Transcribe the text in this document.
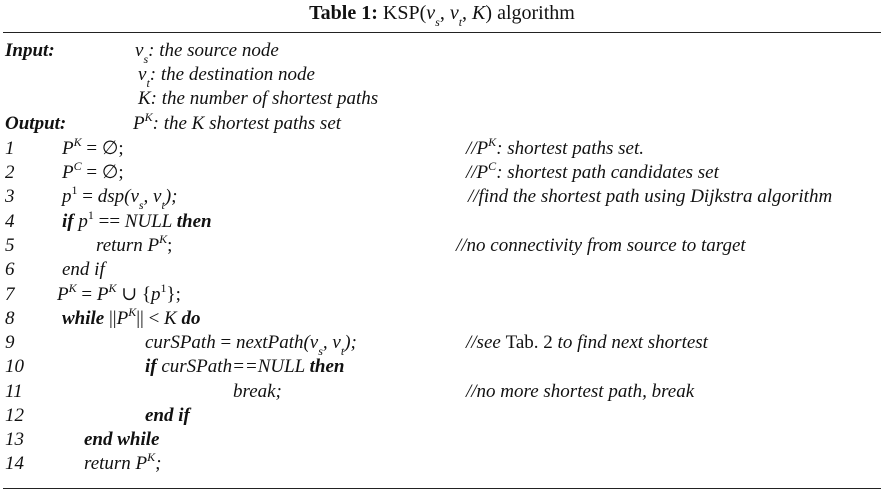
Table 1: $KSP(v_s$, $v_t$, K) algorithm
Input:	$v_s$: the source node
$v_t$: the destination node
K: the number of shortest paths
Output:	$P^K$: the K shortest paths set
1	$P^K$ = ∅;	$//P^K$: shortest paths set.
2	$P^C$ = ∅;	$//P^C$: shortest path candidates set
3	$p^1 = dsp(v_s$, $v_t$);	//find the shortest path using Dijkstra algorithm
4	if $p^1$ == NULL then
5	return $P^K$;	//no connectivity from source to target
6	end if
7 $P^K = P^K$ ∪ $\{p^1\}$;
8	while $||P^K|| < K$ do
9	curSPath = $nextPath(v_s$, $v_t$);	//see Tab. 2 to find next shortest
10	if curSPath==NULL then
11	break;	//no more shortest path, break
12	end if
13	end while
14	return $P^K$;
